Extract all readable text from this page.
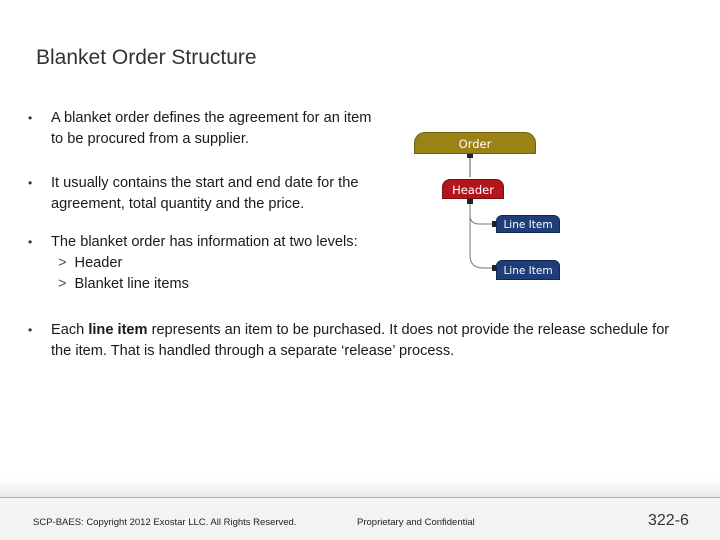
Blanket Order Structure
• A blanket order defines the agreement for an item to be procured from a supplier.
• It usually contains the start and end date for the agreement, total quantity and the price.
• The blanket order has information at two levels:
> Header
> Blanket line items
• Each line item represents an item to be purchased. It does not provide the release schedule for the item. That is handled through a separate ‘release’ process.
Order
Header
Line Item
Line Item
SCP-BAES: Copyright 2012 Exostar LLC. All Rights Reserved.	Proprietary and Confidential	322-6
